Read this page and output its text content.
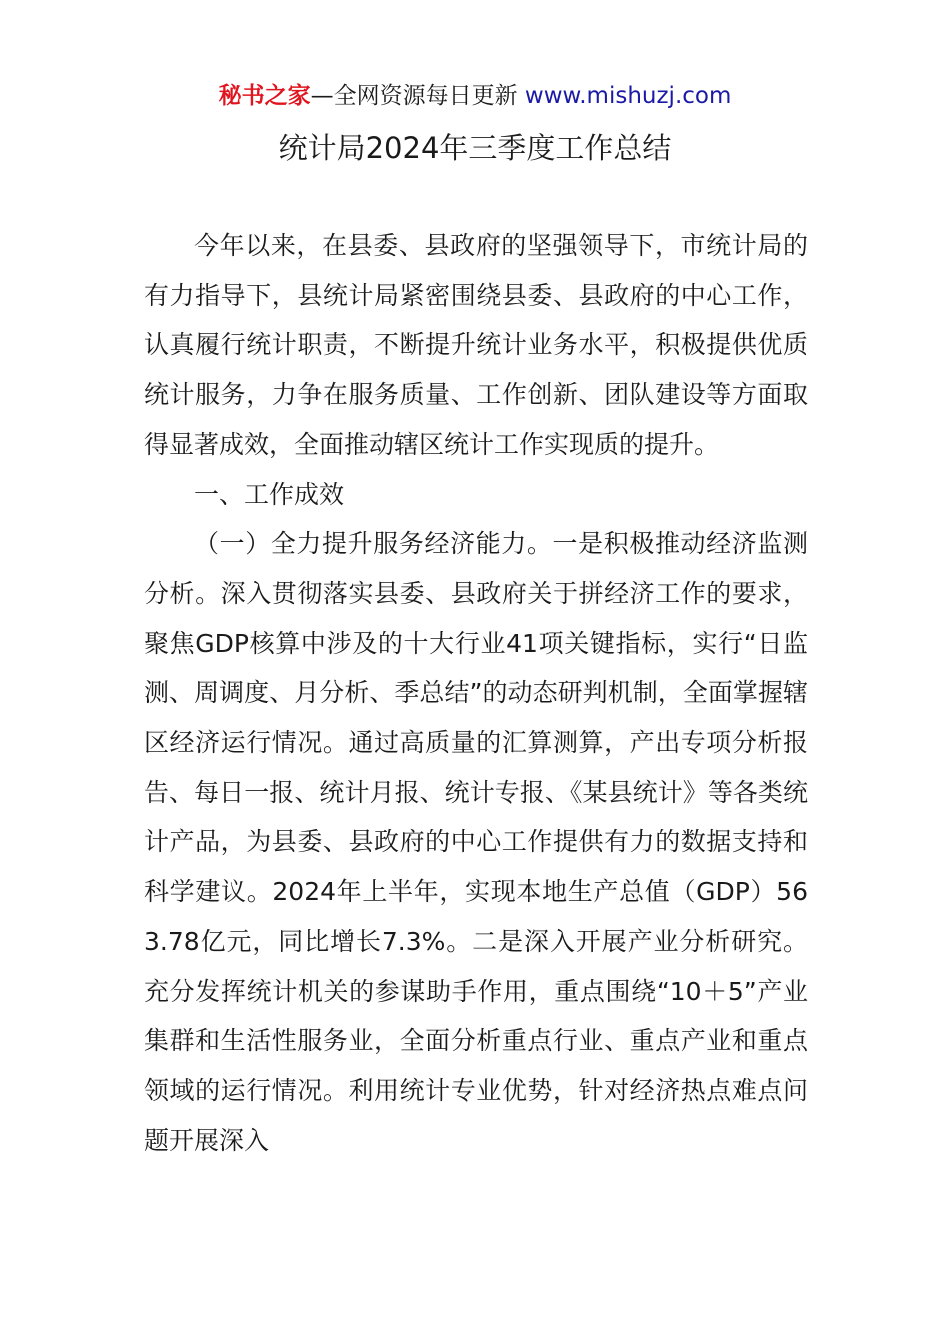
秘书之家—全网资源每日更新 www.mishuzj.com
统计局2024年三季度工作总结

今年以来，在县委、县政府的坚强领导下，市统计局的有力指导下，县统计局紧密围绕县委、县政府的中心工作，认真履行统计职责，不断提升统计业务水平，积极提供优质统计服务，力争在服务质量、工作创新、团队建设等方面取得显著成效，全面推动辖区统计工作实现质的提升。

一、工作成效

（一）全力提升服务经济能力。一是积极推动经济监测分析。深入贯彻落实县委、县政府关于拼经济工作的要求，聚焦GDP核算中涉及的十大行业41项关键指标，实行“日监测、周调度、月分析、季总结”的动态研判机制，全面掌握辖区经济运行情况。通过高质量的汇算测算，产出专项分析报告、每日一报、统计月报、统计专报、《某县统计》等各类统计产品，为县委、县政府的中心工作提供有力的数据支持和科学建议。2024年上半年，实现本地生产总值（GDP）563.78亿元，同比增长7.3%。二是深入开展产业分析研究。充分发挥统计机关的参谋助手作用，重点围绕“10＋5”产业集群和生活性服务业，全面分析重点行业、重点产业和重点领域的运行情况。利用统计专业优势，针对经济热点难点问题开展深入
